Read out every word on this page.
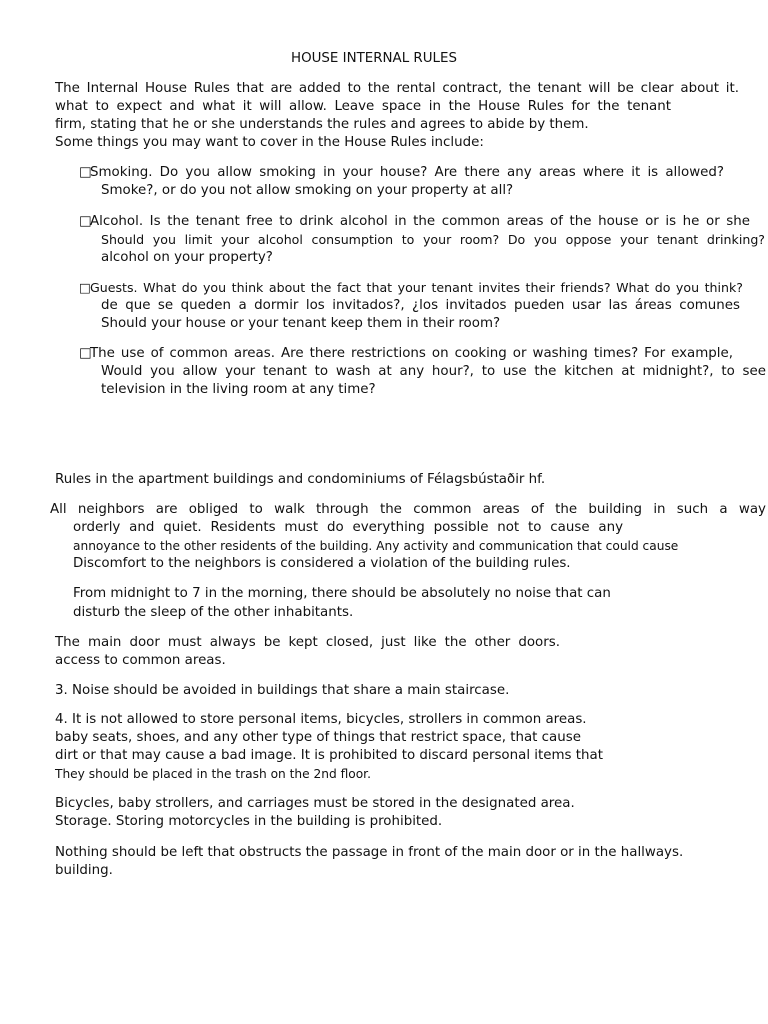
HOUSE INTERNAL RULES
The Internal House Rules that are added to the rental contract, the tenant will be clear about it.
what to expect and what it will allow. Leave space in the House Rules for the tenant
firm, stating that he or she understands the rules and agrees to abide by them.
Some things you may want to cover in the House Rules include:
□Smoking. Do you allow smoking in your house? Are there any areas where it is allowed?
Smoke?, or do you not allow smoking on your property at all?
□Alcohol. Is the tenant free to drink alcohol in the common areas of the house or is he or she
Should you limit your alcohol consumption to your room? Do you oppose your tenant drinking?
alcohol on your property?
□Guests. What do you think about the fact that your tenant invites their friends? What do you think?
de que se queden a dormir los invitados?, ¿los invitados pueden usar las áreas comunes
Should your house or your tenant keep them in their room?
□The use of common areas. Are there restrictions on cooking or washing times? For example,
Would you allow your tenant to wash at any hour?, to use the kitchen at midnight?, to see
television in the living room at any time?
Rules in the apartment buildings and condominiums of Félagsbústaðir hf.
All neighbors are obliged to walk through the common areas of the building in such a way
orderly and quiet. Residents must do everything possible not to cause any
annoyance to the other residents of the building. Any activity and communication that could cause
Discomfort to the neighbors is considered a violation of the building rules.
From midnight to 7 in the morning, there should be absolutely no noise that can
disturb the sleep of the other inhabitants.
The main door must always be kept closed, just like the other doors.
access to common areas.
3. Noise should be avoided in buildings that share a main staircase.
4. It is not allowed to store personal items, bicycles, strollers in common areas.
baby seats, shoes, and any other type of things that restrict space, that cause
dirt or that may cause a bad image. It is prohibited to discard personal items that
They should be placed in the trash on the 2nd floor.
Bicycles, baby strollers, and carriages must be stored in the designated area.
Storage. Storing motorcycles in the building is prohibited.
Nothing should be left that obstructs the passage in front of the main door or in the hallways.
building.
